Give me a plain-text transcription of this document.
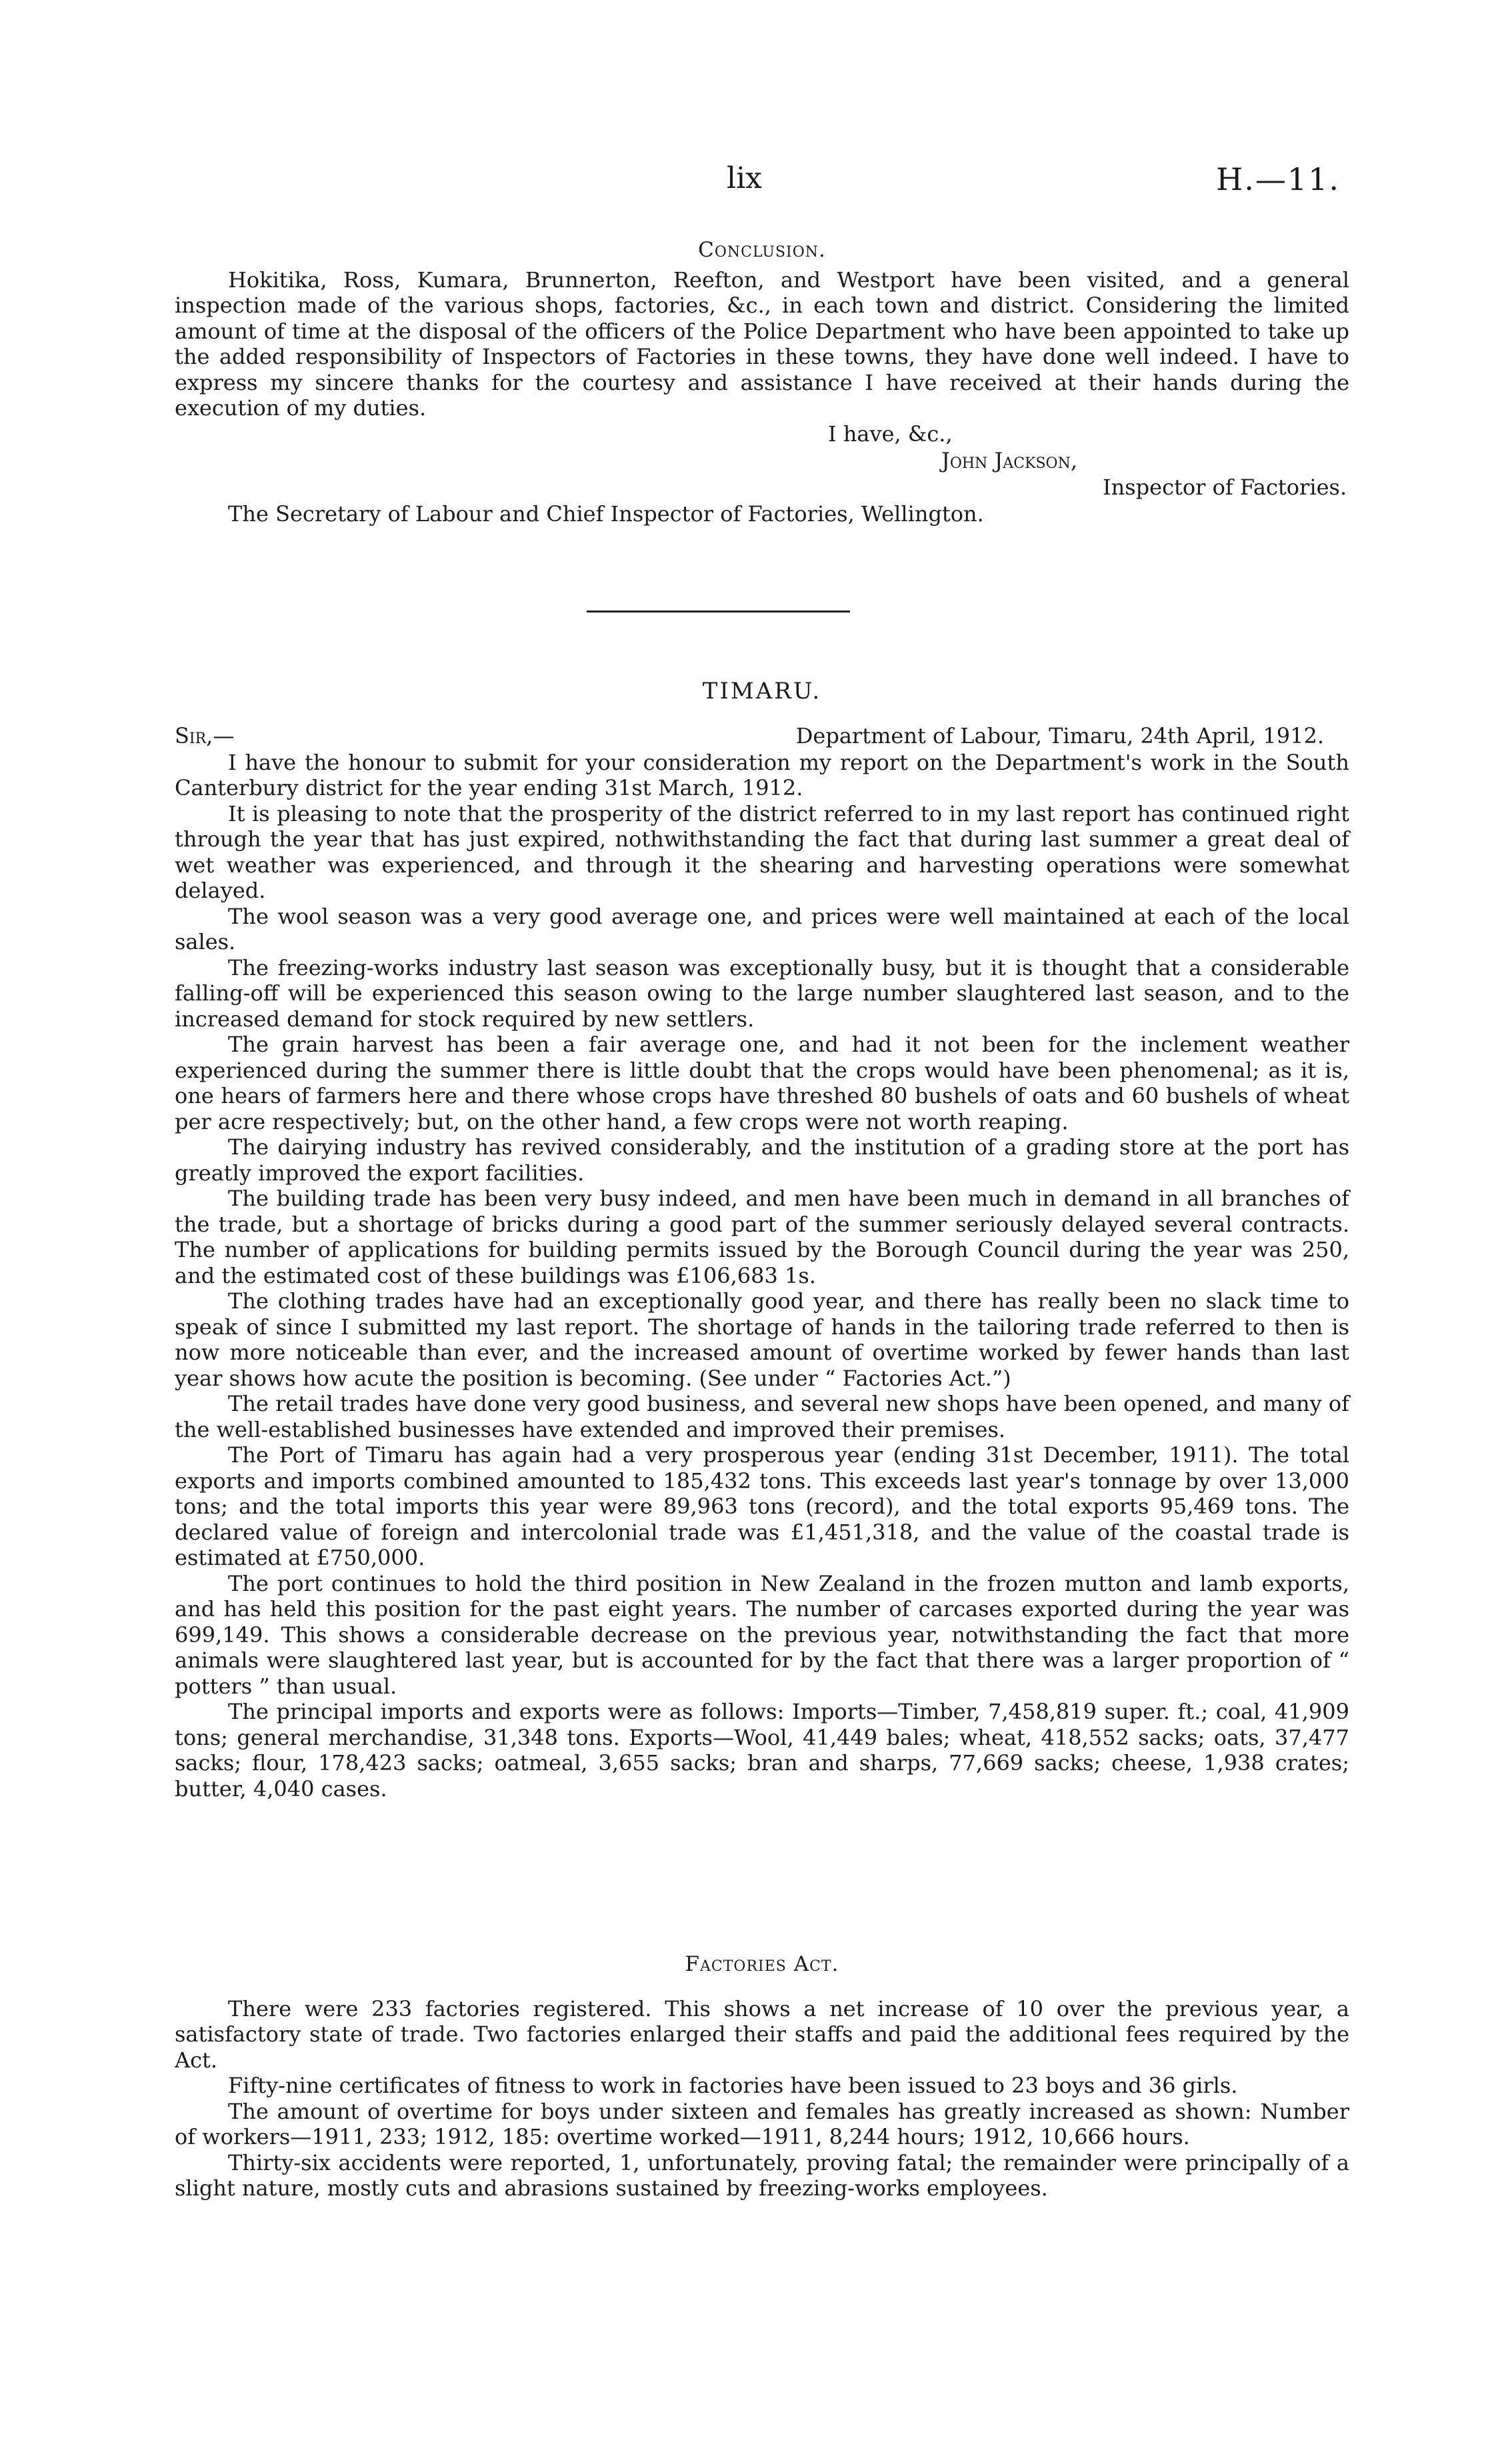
lix	H.—11.
Conclusion.

Hokitika, Ross, Kumara, Brunnerton, Reefton, and Westport have been visited, and a general inspection made of the various shops, factories, &c., in each town and district. Considering the limited amount of time at the disposal of the officers of the Police Department who have been appointed to take up the added responsibility of Inspectors of Factories in these towns, they have done well indeed. I have to express my sincere thanks for the courtesy and assistance I have received at their hands during the execution of my duties.

I have, &c.,
John Jackson,
Inspector of Factories.
The Secretary of Labour and Chief Inspector of Factories, Wellington.
TIMARU.
Sir,—	Department of Labour, Timaru, 24th April, 1912.

I have the honour to submit for your consideration my report on the Department's work in the South Canterbury district for the year ending 31st March, 1912.

It is pleasing to note that the prosperity of the district referred to in my last report has continued right through the year that has just expired, nothwithstanding the fact that during last summer a great deal of wet weather was experienced, and through it the shearing and harvesting operations were somewhat delayed.

The wool season was a very good average one, and prices were well maintained at each of the local sales.

The freezing-works industry last season was exceptionally busy, but it is thought that a considerable falling-off will be experienced this season owing to the large number slaughtered last season, and to the increased demand for stock required by new settlers.

The grain harvest has been a fair average one, and had it not been for the inclement weather experienced during the summer there is little doubt that the crops would have been phenomenal; as it is, one hears of farmers here and there whose crops have threshed 80 bushels of oats and 60 bushels of wheat per acre respectively; but, on the other hand, a few crops were not worth reaping.

The dairying industry has revived considerably, and the institution of a grading store at the port has greatly improved the export facilities.

The building trade has been very busy indeed, and men have been much in demand in all branches of the trade, but a shortage of bricks during a good part of the summer seriously delayed several contracts. The number of applications for building permits issued by the Borough Council during the year was 250, and the estimated cost of these buildings was £106,683 1s.

The clothing trades have had an exceptionally good year, and there has really been no slack time to speak of since I submitted my last report. The shortage of hands in the tailoring trade referred to then is now more noticeable than ever, and the increased amount of overtime worked by fewer hands than last year shows how acute the position is becoming. (See under “ Factories Act.”)

The retail trades have done very good business, and several new shops have been opened, and many of the well-established businesses have extended and improved their premises.

The Port of Timaru has again had a very prosperous year (ending 31st December, 1911). The total exports and imports combined amounted to 185,432 tons. This exceeds last year's tonnage by over 13,000 tons; and the total imports this year were 89,963 tons (record), and the total exports 95,469 tons. The declared value of foreign and intercolonial trade was £1,451,318, and the value of the coastal trade is estimated at £750,000.

The port continues to hold the third position in New Zealand in the frozen mutton and lamb exports, and has held this position for the past eight years. The number of carcases exported during the year was 699,149. This shows a considerable decrease on the previous year, notwithstanding the fact that more animals were slaughtered last year, but is accounted for by the fact that there was a larger proportion of “ potters ” than usual.

The principal imports and exports were as follows: Imports—Timber, 7,458,819 super. ft.; coal, 41,909 tons; general merchandise, 31,348 tons. Exports—Wool, 41,449 bales; wheat, 418,552 sacks; oats, 37,477 sacks; flour, 178,423 sacks; oatmeal, 3,655 sacks; bran and sharps, 77,669 sacks; cheese, 1,938 crates; butter, 4,040 cases.

Factories Act.

There were 233 factories registered. This shows a net increase of 10 over the previous year, a satisfactory state of trade. Two factories enlarged their staffs and paid the additional fees required by the Act.

Fifty-nine certificates of fitness to work in factories have been issued to 23 boys and 36 girls.

The amount of overtime for boys under sixteen and females has greatly increased as shown: Number of workers—1911, 233; 1912, 185: overtime worked—1911, 8,244 hours; 1912, 10,666 hours.

Thirty-six accidents were reported, 1, unfortunately, proving fatal; the remainder were principally of a slight nature, mostly cuts and abrasions sustained by freezing-works employees.
